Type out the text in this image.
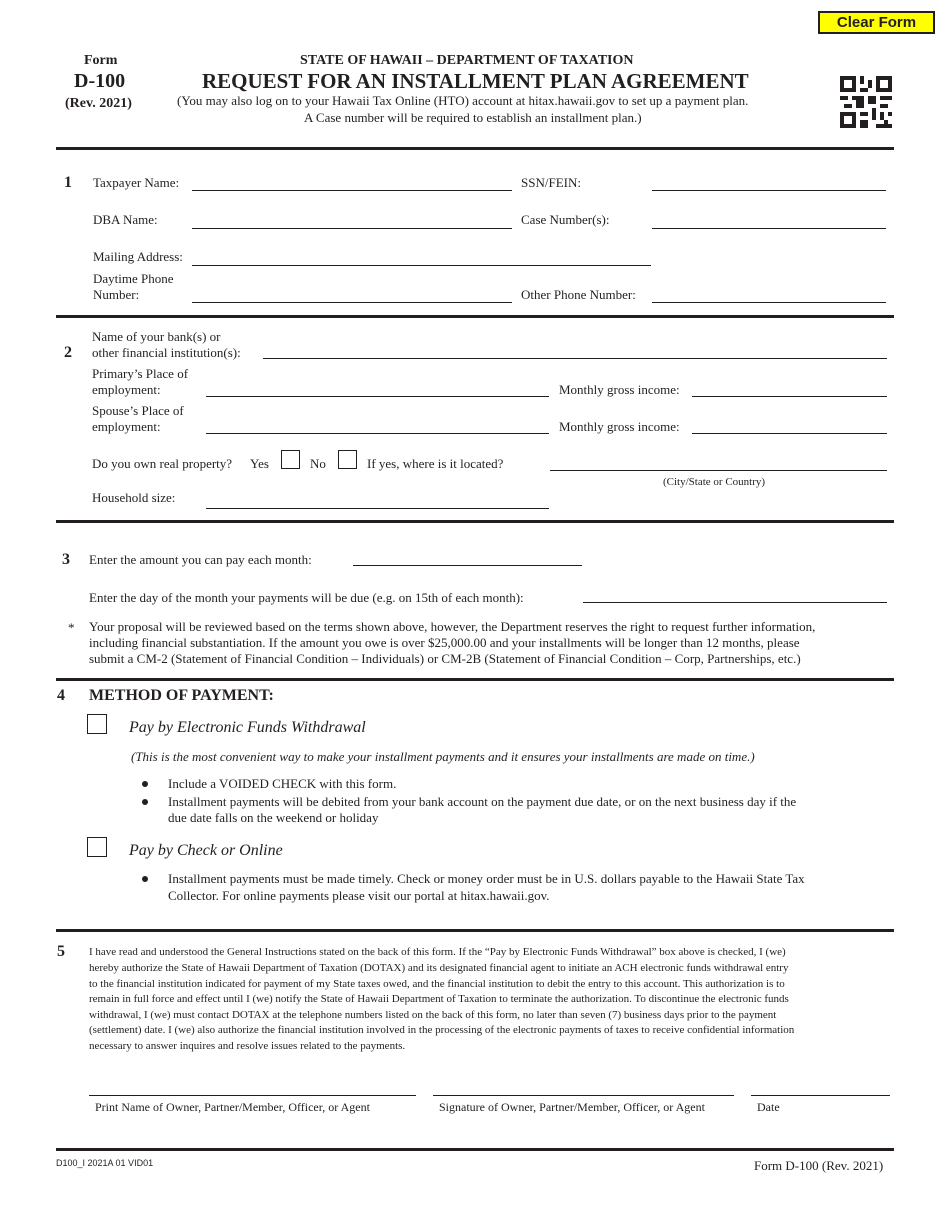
Clear Form
Form
D-100
(Rev. 2021)
STATE OF HAWAII – DEPARTMENT OF TAXATION
REQUEST FOR AN INSTALLMENT PLAN AGREEMENT
(You may also log on to your Hawaii Tax Online (HTO) account at hitax.hawaii.gov to set up a payment plan.
A Case number will be required to establish an installment plan.)
1 Taxpayer Name:	SSN/FEIN:
DBA Name:	Case Number(s):
Mailing Address:
Daytime Phone
Number:	Other Phone Number:
2
Name of your bank(s) or
other financial institution(s):
Primary’s Place of
employment:	Monthly gross income:
Spouse’s Place of
employment:	Monthly gross income:
Do you own real property? Yes	No	If yes, where is it located?
(City/State or Country)
Household size:
3 Enter the amount you can pay each month:
Enter the day of the month your payments will be due (e.g. on 15th of each month):
* Your proposal will be reviewed based on the terms shown above, however, the Department reserves the right to request further information,
including financial substantiation. If the amount you owe is over $25,000.00 and your installments will be longer than 12 months, please
submit a CM-2 (Statement of Financial Condition – Individuals) or CM-2B (Statement of Financial Condition – Corp, Partnerships, etc.)
4 METHOD OF PAYMENT:
Pay by Electronic Funds Withdrawal
(This is the most convenient way to make your installment payments and it ensures your installments are made on time.)
Include a VOIDED CHECK with this form.
Installment payments will be debited from your bank account on the payment due date, or on the next business day if the
due date falls on the weekend or holiday
Pay by Check or Online
Installment payments must be made timely. Check or money order must be in U.S. dollars payable to the Hawaii State Tax
Collector. For online payments please visit our portal at hitax.hawaii.gov.
5 I have read and understood the General Instructions stated on the back of this form. If the “Pay by Electronic Funds Withdrawal” box above is checked, I (we)
hereby authorize the State of Hawaii Department of Taxation (DOTAX) and its designated financial agent to initiate an ACH electronic funds withdrawal entry
to the financial institution indicated for payment of my State taxes owed, and the financial institution to debit the entry to this account. This authorization is to
remain in full force and effect until I (we) notify the State of Hawaii Department of Taxation to terminate the authorization. To discontinue the electronic funds
withdrawal, I (we) must contact DOTAX at the telephone numbers listed on the back of this form, no later than seven (7) business days prior to the payment
(settlement) date. I (we) also authorize the financial institution involved in the processing of the electronic payments of taxes to receive confidential information
necessary to answer inquires and resolve issues related to the payments.
Print Name of Owner, Partner/Member, Officer, or Agent	Signature of Owner, Partner/Member, Officer, or Agent	Date
D100_I 2021A 01 VID01	Form D-100 (Rev. 2021)
